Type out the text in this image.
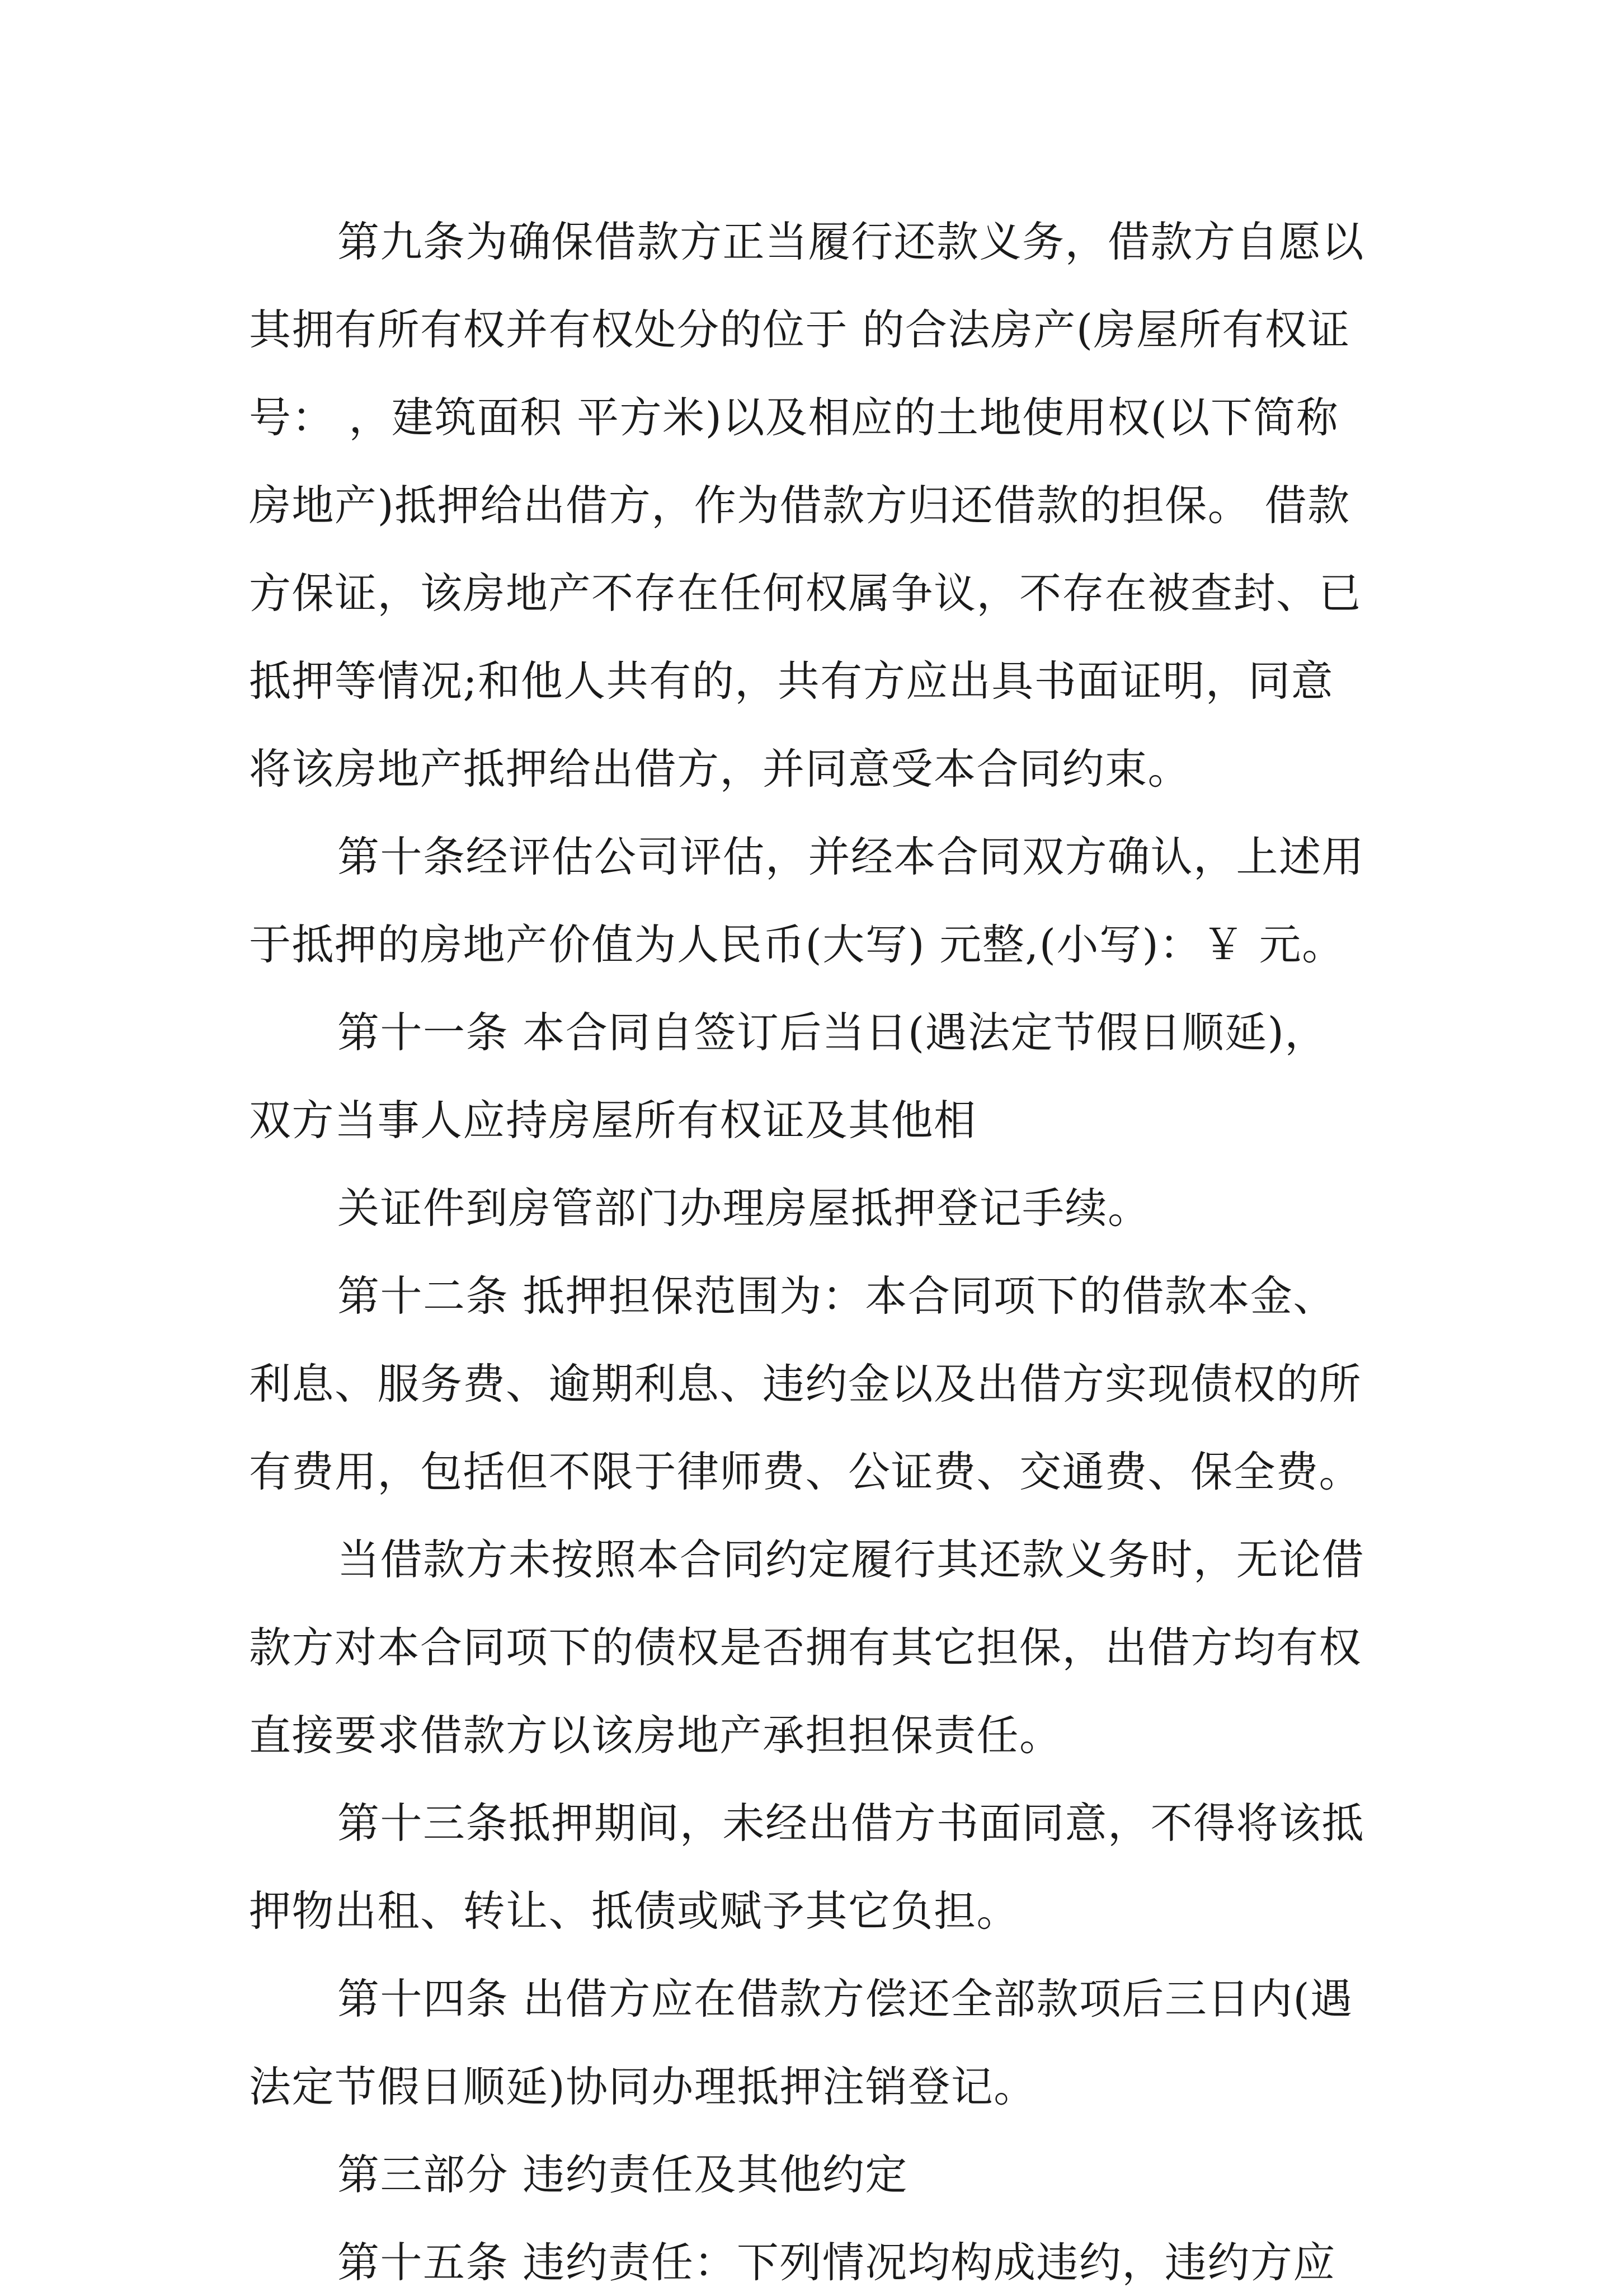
第九条为确保借款方正当履行还款义务，借款方自愿以
其拥有所有权并有权处分的位于 的合法房产(房屋所有权证
号： ，建筑面积 平方米)以及相应的土地使用权(以下简称
房地产)抵押给出借方，作为借款方归还借款的担保。 借款
方保证，该房地产不存在任何权属争议，不存在被查封、已
抵押等情况;和他人共有的，共有方应出具书面证明，同意
将该房地产抵押给出借方，并同意受本合同约束。
第十条经评估公司评估，并经本合同双方确认，上述用
于抵押的房地产价值为人民币(大写) 元整,(小写)：￥ 元。
第十一条 本合同自签订后当日(遇法定节假日顺延)，
双方当事人应持房屋所有权证及其他相
关证件到房管部门办理房屋抵押登记手续。
第十二条 抵押担保范围为：本合同项下的借款本金、
利息、服务费、逾期利息、违约金以及出借方实现债权的所
有费用，包括但不限于律师费、公证费、交通费、保全费。
当借款方未按照本合同约定履行其还款义务时，无论借
款方对本合同项下的债权是否拥有其它担保，出借方均有权
直接要求借款方以该房地产承担担保责任。
第十三条抵押期间，未经出借方书面同意，不得将该抵
押物出租、转让、抵债或赋予其它负担。
第十四条 出借方应在借款方偿还全部款项后三日内(遇
法定节假日顺延)协同办理抵押注销登记。
第三部分 违约责任及其他约定
第十五条 违约责任：下列情况均构成违约，违约方应
